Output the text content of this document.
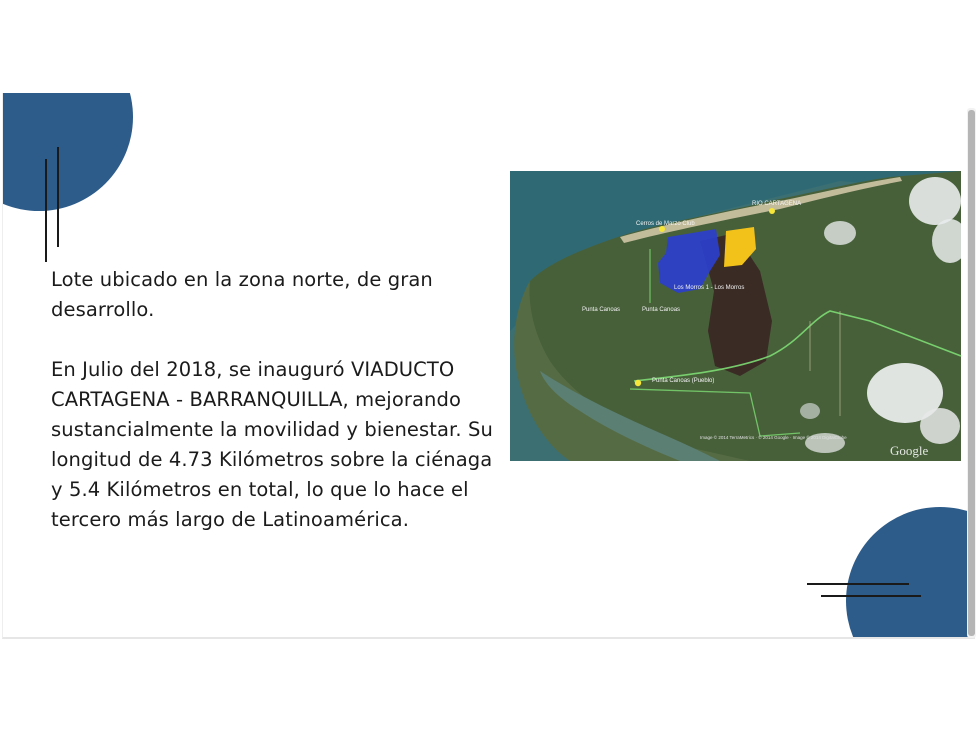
Lote ubicado en la zona norte, de gran desarrollo.

En Julio del 2018, se inauguró VIADUCTO CARTAGENA - BARRANQUILLA, mejorando sustancialmente la movilidad y bienestar. Su longitud de 4.73 Kilómetros sobre la ciénaga y 5.4 Kilómetros en total, lo que lo hace el tercero más largo de Latinoamérica.

RIO CARTAGENA
Cerros de Marzo Club
Los Morros 1 - Los Morros
Punta Canoas	Punta Canoas
Punta Canoas (Pueblo)
Image © 2014 TerraMetrics · © 2014 Google · Image © 2014 DigitalGlobe
Google
